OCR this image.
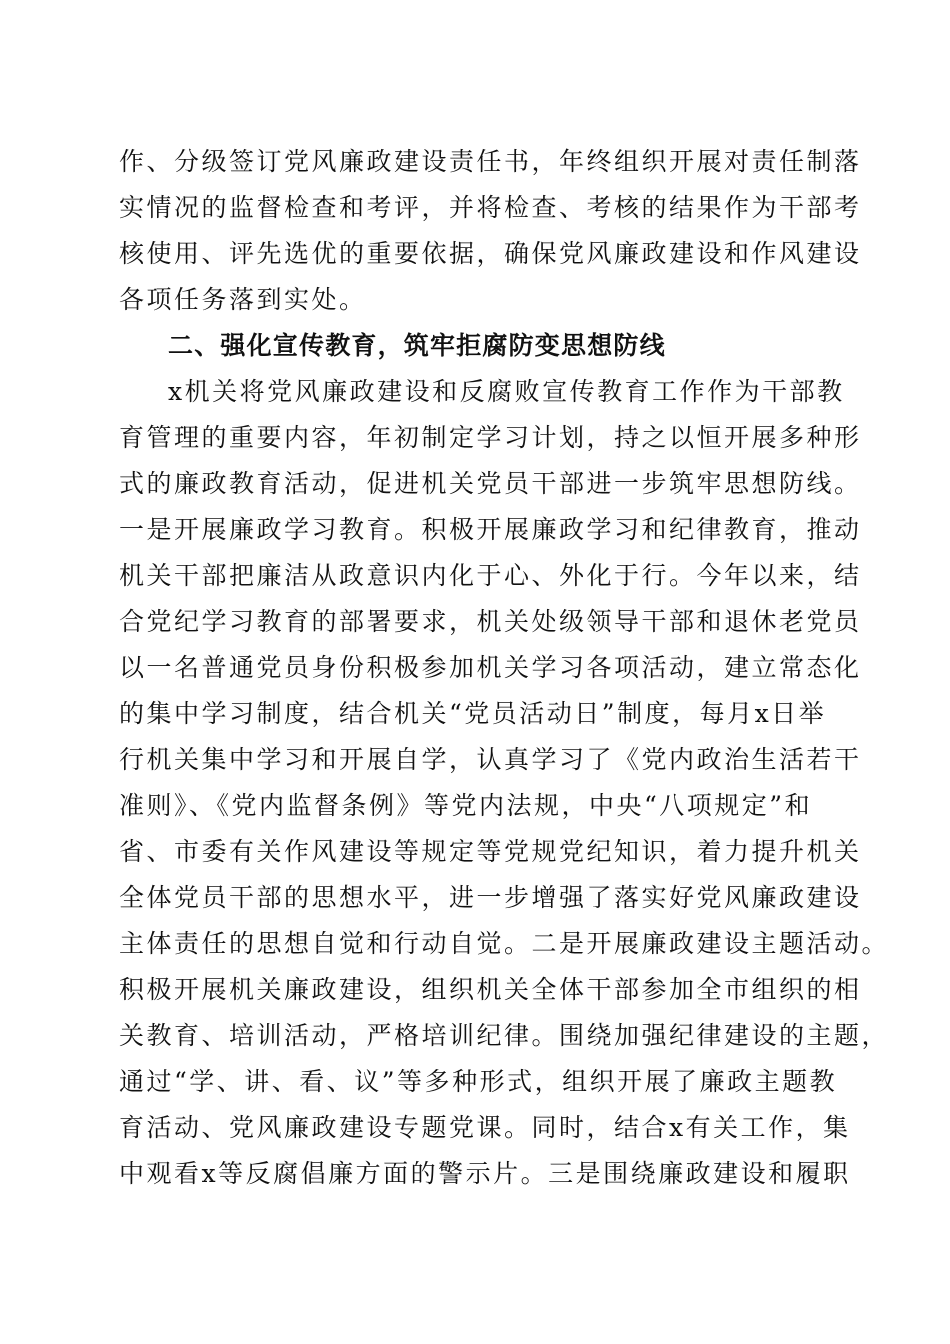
作、分级签订党风廉政建设责任书，年终组织开展对责任制落
实情况的监督检查和考评，并将检查、考核的结果作为干部考
核使用、评先选优的重要依据，确保党风廉政建设和作风建设
各项任务落到实处。
二、强化宣传教育，筑牢拒腐防变思想防线
x机关将党风廉政建设和反腐败宣传教育工作作为干部教
育管理的重要内容，年初制定学习计划，持之以恒开展多种形
式的廉政教育活动，促进机关党员干部进一步筑牢思想防线。
一是开展廉政学习教育。积极开展廉政学习和纪律教育，推动
机关干部把廉洁从政意识内化于心、外化于行。今年以来，结
合党纪学习教育的部署要求，机关处级领导干部和退休老党员
以一名普通党员身份积极参加机关学习各项活动，建立常态化
的集中学习制度，结合机关“党员活动日”制度，每月x日举
行机关集中学习和开展自学，认真学习了《党内政治生活若干
准则》、《党内监督条例》等党内法规，中央“八项规定”和
省、市委有关作风建设等规定等党规党纪知识，着力提升机关
全体党员干部的思想水平，进一步增强了落实好党风廉政建设
主体责任的思想自觉和行动自觉。二是开展廉政建设主题活动。
积极开展机关廉政建设，组织机关全体干部参加全市组织的相
关教育、培训活动，严格培训纪律。围绕加强纪律建设的主题，
通过“学、讲、看、议”等多种形式，组织开展了廉政主题教
育活动、党风廉政建设专题党课。同时，结合x有关工作，集
中观看x等反腐倡廉方面的警示片。三是围绕廉政建设和履职
